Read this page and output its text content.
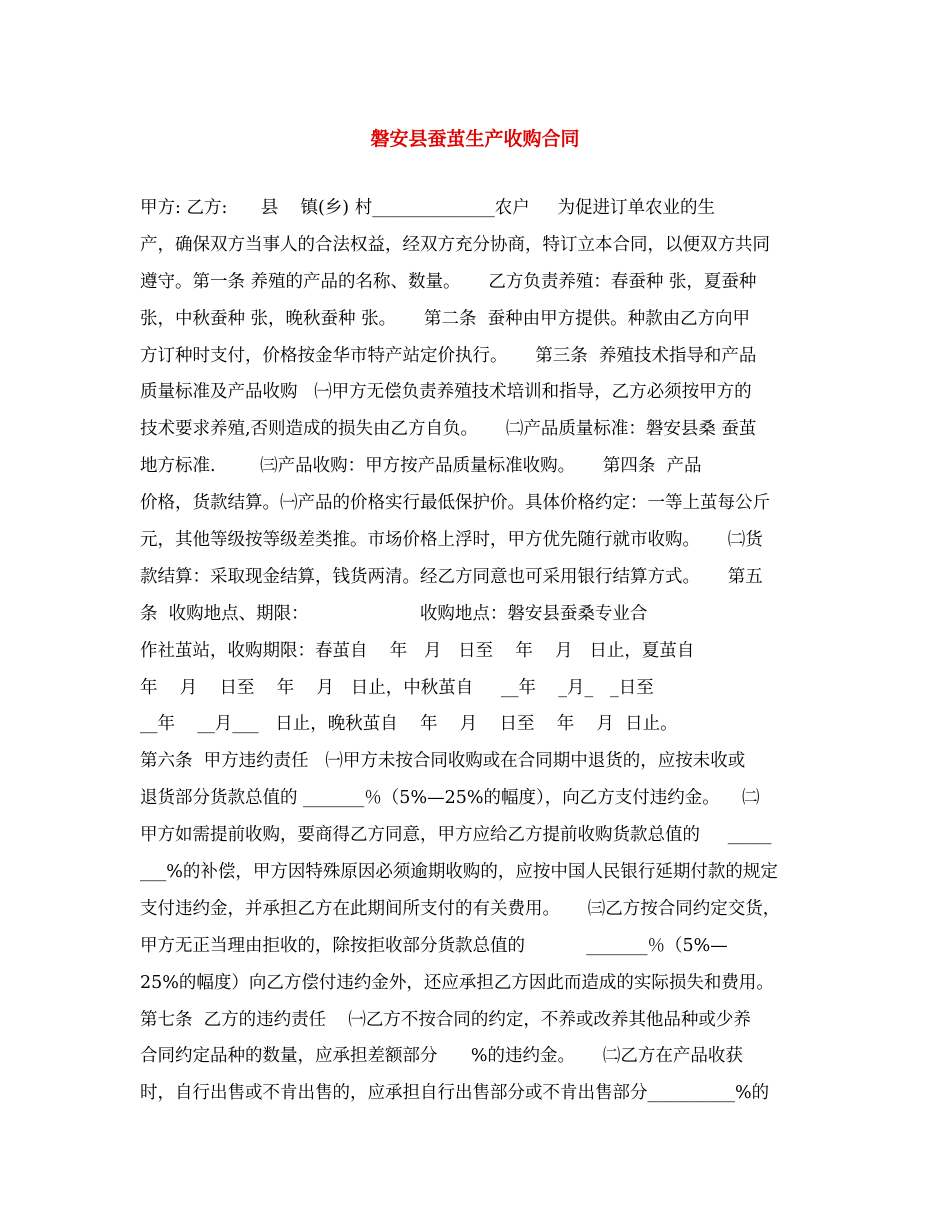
磐安县蚕茧生产收购合同
甲方: 乙方:      县    镇(乡) 村______________农户     为促进订单农业的生
产，确保双方当事人的合法权益，经双方充分协商，特订立本合同，以便双方共同
遵守。第一条 养殖的产品的名称、数量。     乙方负责养殖：春蚕种 张，夏蚕种
张，中秋蚕种 张，晚秋蚕种 张。     第二条  蚕种由甲方提供。种款由乙方向甲
方订种时支付，价格按金华市特产站定价执行。     第三条  养殖技术指导和产品
质量标准及产品收购   ㈠甲方无偿负责养殖技术培训和指导，乙方必须按甲方的
技术要求养殖,否则造成的损失由乙方自负。     ㈡产品质量标准：磐安县桑 蚕茧
地方标准.        ㈢产品收购：甲方按产品质量标准收购。     第四条  产品
价格，货款结算。㈠产品的价格实行最低保护价。具体价格约定：一等上茧每公斤
元，其他等级按等级差类推。市场价格上浮时，甲方优先随行就市收购。     ㈡货
款结算：采取现金结算，钱货两清。经乙方同意也可采用银行结算方式。     第五
条  收购地点、期限：                    收购地点：磐安县蚕桑专业合
作社茧站，收购期限：春茧自    年   月   日至    年    月   日止，夏茧自
年    月    日至    年    月   日止，中秋茧自     __年    _月_   _日至
__年    __月___   日止，晚秋茧自    年    月    日至    年    月  日止。
第六条  甲方违约责任   ㈠甲方未按合同收购或在合同期中退货的，应按未收或
退货部分货款总值的 _______％（5%—25%的幅度），向乙方支付违约金。    ㈡
甲方如需提前收购，要商得乙方同意，甲方应给乙方提前收购货款总值的     _____
___%的补偿，甲方因特殊原因必须逾期收购的，应按中国人民银行延期付款的规定
支付违约金，并承担乙方在此期间所支付的有关费用。     ㈢乙方按合同约定交货，
甲方无正当理由拒收的，除按拒收部分货款总值的           _______％（5%—
25%的幅度）向乙方偿付违约金外，还应承担乙方因此而造成的实际损失和费用。
第七条  乙方的违约责任    ㈠乙方不按合同的约定，不养或改养其他品种或少养
合同约定品种的数量，应承担差额部分      %的违约金。     ㈡乙方在产品收获
时，自行出售或不肯出售的，应承担自行出售部分或不肯出售部分__________%的
